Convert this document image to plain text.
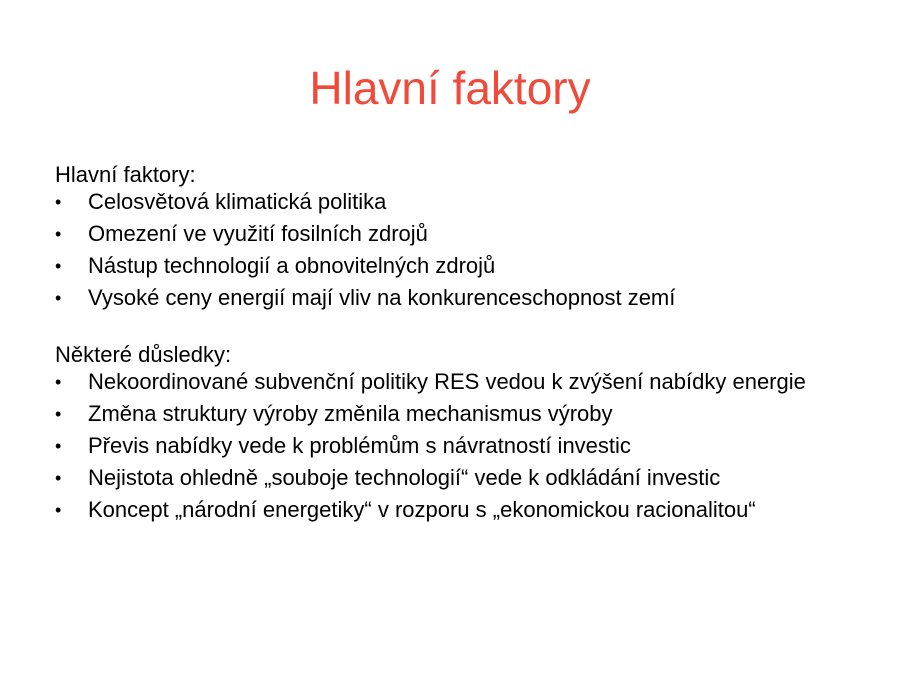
Hlavní faktory

Hlavní faktory:

•	Celosvětová klimatická politika
•	Omezení ve využití fosilních zdrojů
•	Nástup technologií a obnovitelných zdrojů
•	Vysoké ceny energií mají vliv na konkurenceschopnost zemí

Některé důsledky:

•	Nekoordinované subvenční politiky RES vedou k zvýšení nabídky energie
•	Změna struktury výroby změnila mechanismus výroby
•	Převis nabídky vede k problémům s návratností investic
•	Nejistota ohledně „souboje technologií“ vede k odkládání investic
•	Koncept „národní energetiky“ v rozporu s „ekonomickou racionalitou“
